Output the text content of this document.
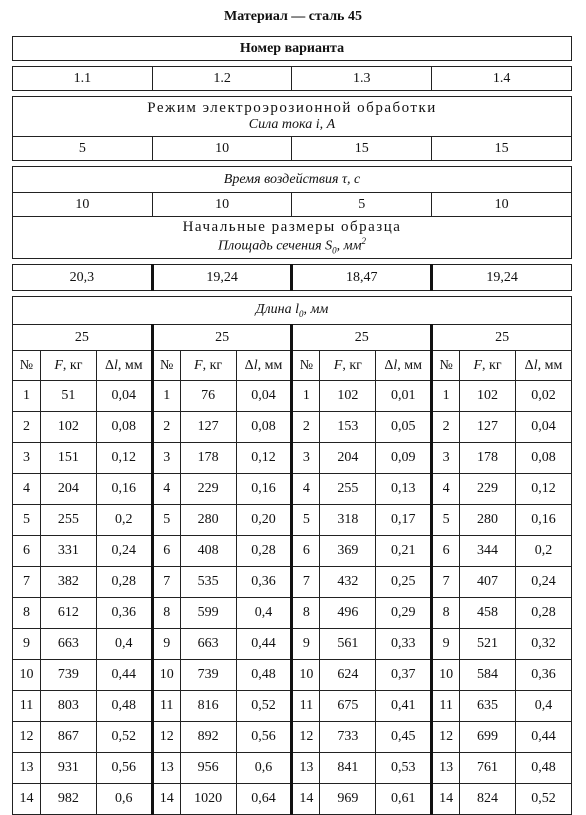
Материал — сталь 45
Номер варианта											

1.1			1.2			1.3			1.4		

Режим электроэрозионной обработки
Сила тока i, А											

5			10			15			15		

Время воздействия τ, с											
10			10			5			10		

Начальные размеры образца
Площадь сечения $S_0$, $мм^2$

20,3			19,24			18,47			19,24		

Длина $l_0$, мм											
25			25			25			25		
№	F, кг	Δl, мм	№	F, кг	Δl, мм	№	F, кг	Δl, мм	№	F, кг	Δl, мм
1	51	0,04	1	76	0,04	1	102	0,01	1	102	0,02
2	102	0,08	2	127	0,08	2	153	0,05	2	127	0,04
3	151	0,12	3	178	0,12	3	204	0,09	3	178	0,08
4	204	0,16	4	229	0,16	4	255	0,13	4	229	0,12
5	255	0,2	5	280	0,20	5	318	0,17	5	280	0,16
6	331	0,24	6	408	0,28	6	369	0,21	6	344	0,2
7	382	0,28	7	535	0,36	7	432	0,25	7	407	0,24
8	612	0,36	8	599	0,4	8	496	0,29	8	458	0,28
9	663	0,4	9	663	0,44	9	561	0,33	9	521	0,32
10	739	0,44	10	739	0,48	10	624	0,37	10	584	0,36
11	803	0,48	11	816	0,52	11	675	0,41	11	635	0,4
12	867	0,52	12	892	0,56	12	733	0,45	12	699	0,44
13	931	0,56	13	956	0,6	13	841	0,53	13	761	0,48
14	982	0,6	14	1020	0,64	14	969	0,61	14	824	0,52
